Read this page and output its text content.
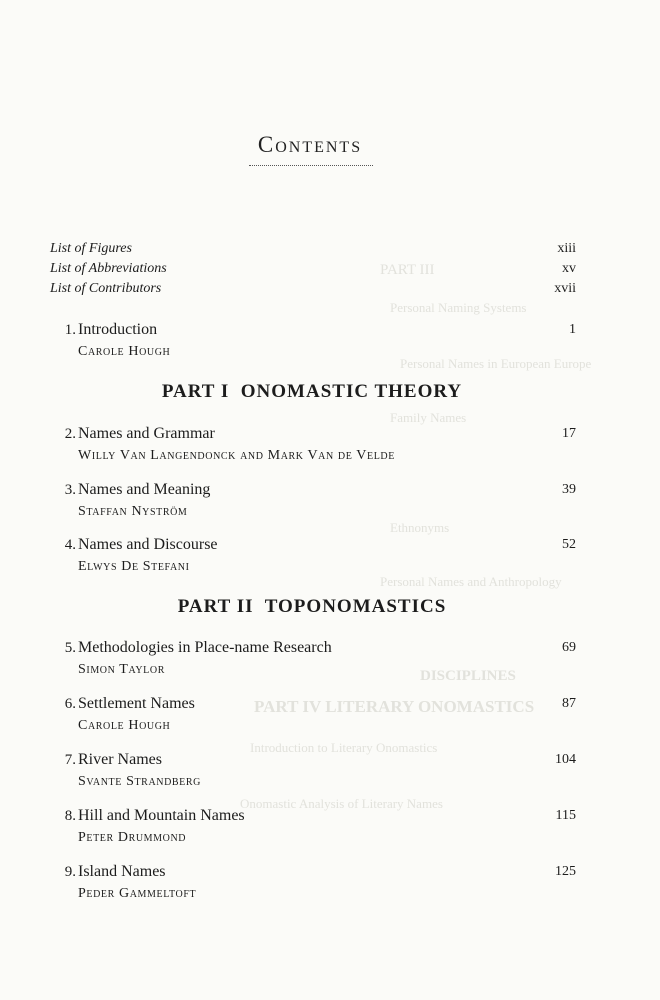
PART III
DISCIPLINES
PART IV LITERARY ONOMASTICS
Personal Naming Systems
Personal Names in European Europe
Family Names
Ethnonyms
Personal Names and Anthropology
Introduction to Literary Onomastics
Onomastic Analysis of Literary Names
Contents
List of Figures	xiii
List of Abbreviations	xv
List of Contributors	xvii
1. Introduction	1
Carole Hough
PART I  ONOMASTIC THEORY
2. Names and Grammar	17
Willy Van Langendonck and Mark Van de Velde
3. Names and Meaning	39
Staffan Nyström
4. Names and Discourse	52
Elwys De Stefani
PART II  TOPONOMASTICS
5. Methodologies in Place-name Research	69
Simon Taylor
6. Settlement Names	87
Carole Hough
7. River Names	104
Svante Strandberg
8. Hill and Mountain Names	115
Peter Drummond
9. Island Names	125
Peder Gammeltoft
